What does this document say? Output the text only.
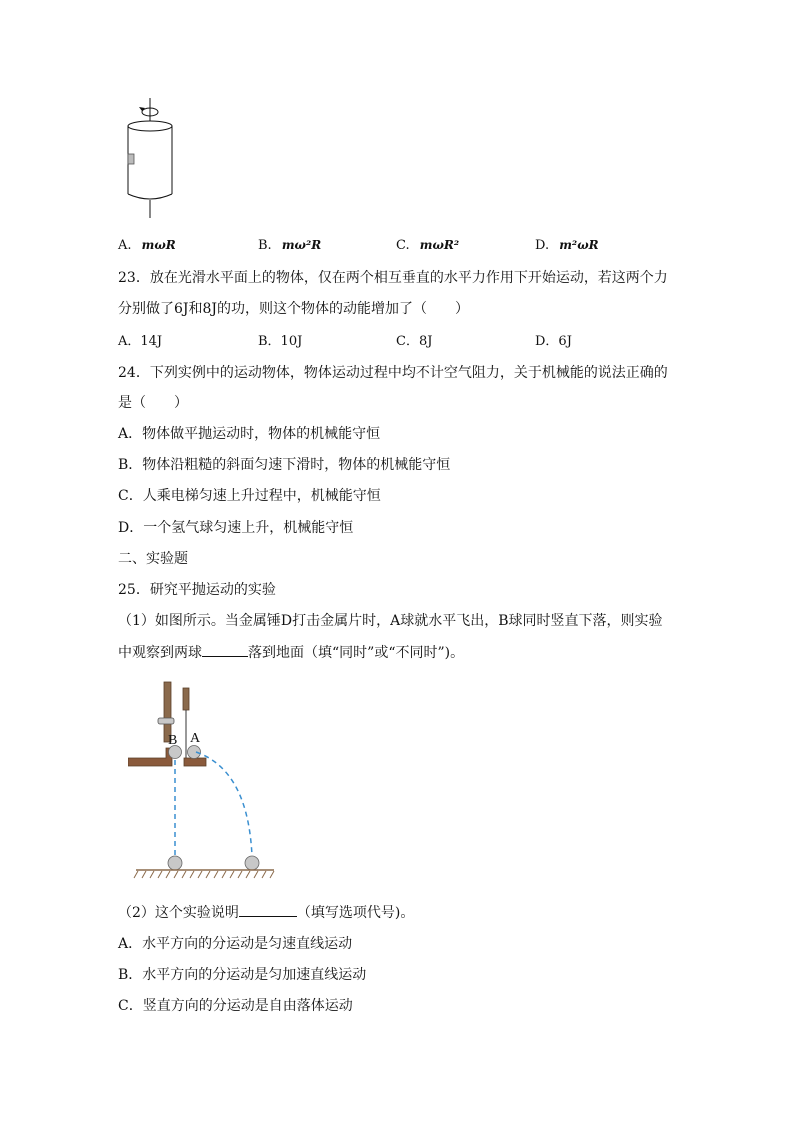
A. mωR	B. mω²R	C. mωR²	D. m²ωR
23．放在光滑水平面上的物体，仅在两个相互垂直的水平力作用下开始运动，若这两个力
分别做了6J和8J的功，则这个物体的动能增加了（　　）
A．14J	B．10J	C．8J	D．6J
24．下列实例中的运动物体，物体运动过程中均不计空气阻力，关于机械能的说法正确的
是（　　）
A．物体做平抛运动时，物体的机械能守恒
B．物体沿粗糙的斜面匀速下滑时，物体的机械能守恒
C．人乘电梯匀速上升过程中，机械能守恒
D．一个氢气球匀速上升，机械能守恒
二、实验题
25．研究平抛运动的实验
（1）如图所示。当金属锤D打击金属片时，A球就水平飞出，B球同时竖直下落，则实验
中观察到两球	落到地面（填“同时”或“不同时”)。
B A
（2）这个实验说明	（填写选项代号)。
A．水平方向的分运动是匀速直线运动
B．水平方向的分运动是匀加速直线运动
C．竖直方向的分运动是自由落体运动
